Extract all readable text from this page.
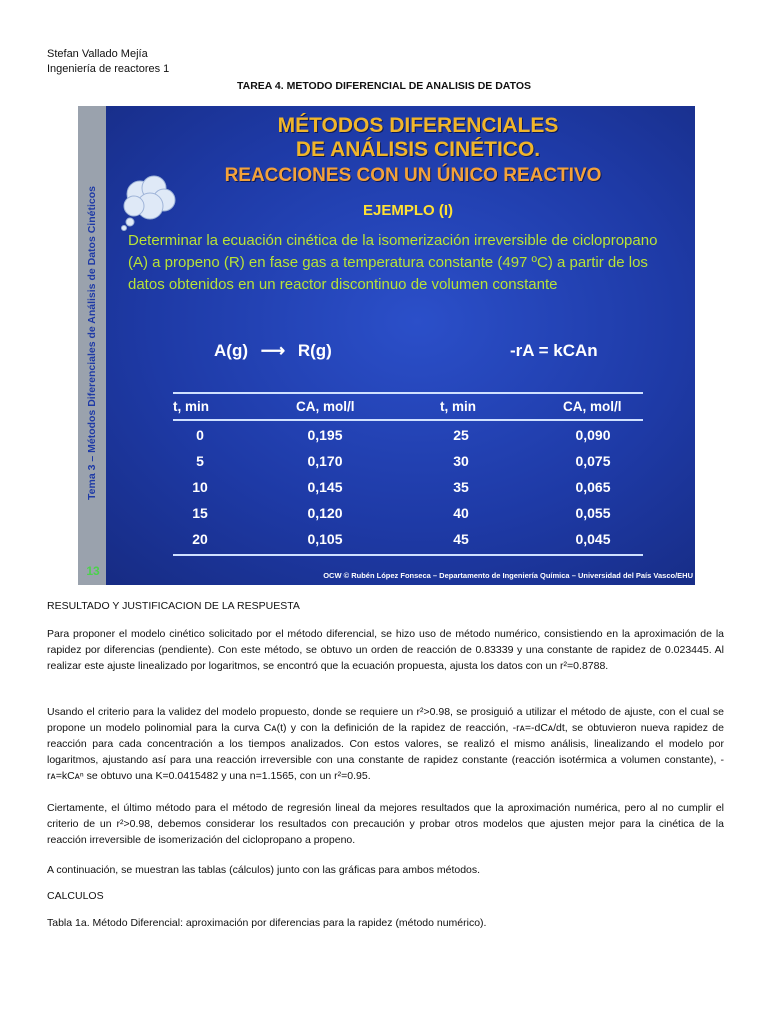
Stefan Vallado Mejía
Ingeniería de reactores 1
TAREA 4. METODO DIFERENCIAL DE ANALISIS DE DATOS
Tema 3 – Métodos Diferenciales de Análisis de Datos Cinéticos
13
MÉTODOS DIFERENCIALES
DE ANÁLISIS CINÉTICO.
REACCIONES CON UN ÚNICO REACTIVO
EJEMPLO (I)
Determinar la ecuación cinética de la isomerización irreversible de ciclopropano (A) a propeno (R) en fase gas a temperatura constante (497 ºC) a partir de los datos obtenidos en un reactor discontinuo de volumen constante
A(g) ⟶ R(g)	-rA = kCAn
t, min	CA, mol/l	t, min	CA, mol/l
0	0,195	25	0,090
5	0,170	30	0,075
10	0,145	35	0,065
15	0,120	40	0,055
20	0,105	45	0,045
OCW © Rubén López Fonseca – Departamento de Ingeniería Química – Universidad del País Vasco/EHU
RESULTADO Y JUSTIFICACION DE LA RESPUESTA
Para proponer el modelo cinético solicitado por el método diferencial, se hizo uso de método numérico, consistiendo en la aproximación de la rapidez por diferencias (pendiente). Con este método, se obtuvo un orden de reacción de 0.83339 y una constante de rapidez de 0.023445. Al realizar este ajuste linealizado por logaritmos, se encontró que la ecuación propuesta, ajusta los datos con un r²=0.8788.
Usando el criterio para la validez del modelo propuesto, donde se requiere un r²>0.98, se prosiguió a utilizar el método de ajuste, con el cual se propone un modelo polinomial para la curva Cᴀ(t) y con la definición de la rapidez de reacción, -rᴀ=-dCᴀ/dt, se obtuvieron nueva rapidez de reacción para cada concentración a los tiempos analizados. Con estos valores, se realizó el mismo análisis, linealizando el modelo por logaritmos, ajustando así para una reacción irreversible con una constante de rapidez constante (reacción isotérmica a volumen constante), -rᴀ=kCᴀⁿ se obtuvo una K=0.0415482 y una n=1.1565, con un r²=0.95.
Ciertamente, el último método para el método de regresión lineal da mejores resultados que la aproximación numérica, pero al no cumplir el criterio de un r²>0.98, debemos considerar los resultados con precaución y probar otros modelos que ajusten mejor para la cinética de la reacción irreversible de isomerización del ciclopropano a propeno.
A continuación, se muestran las tablas (cálculos) junto con las gráficas para ambos métodos.
CALCULOS
Tabla 1a. Método Diferencial: aproximación por diferencias para la rapidez (método numérico).
